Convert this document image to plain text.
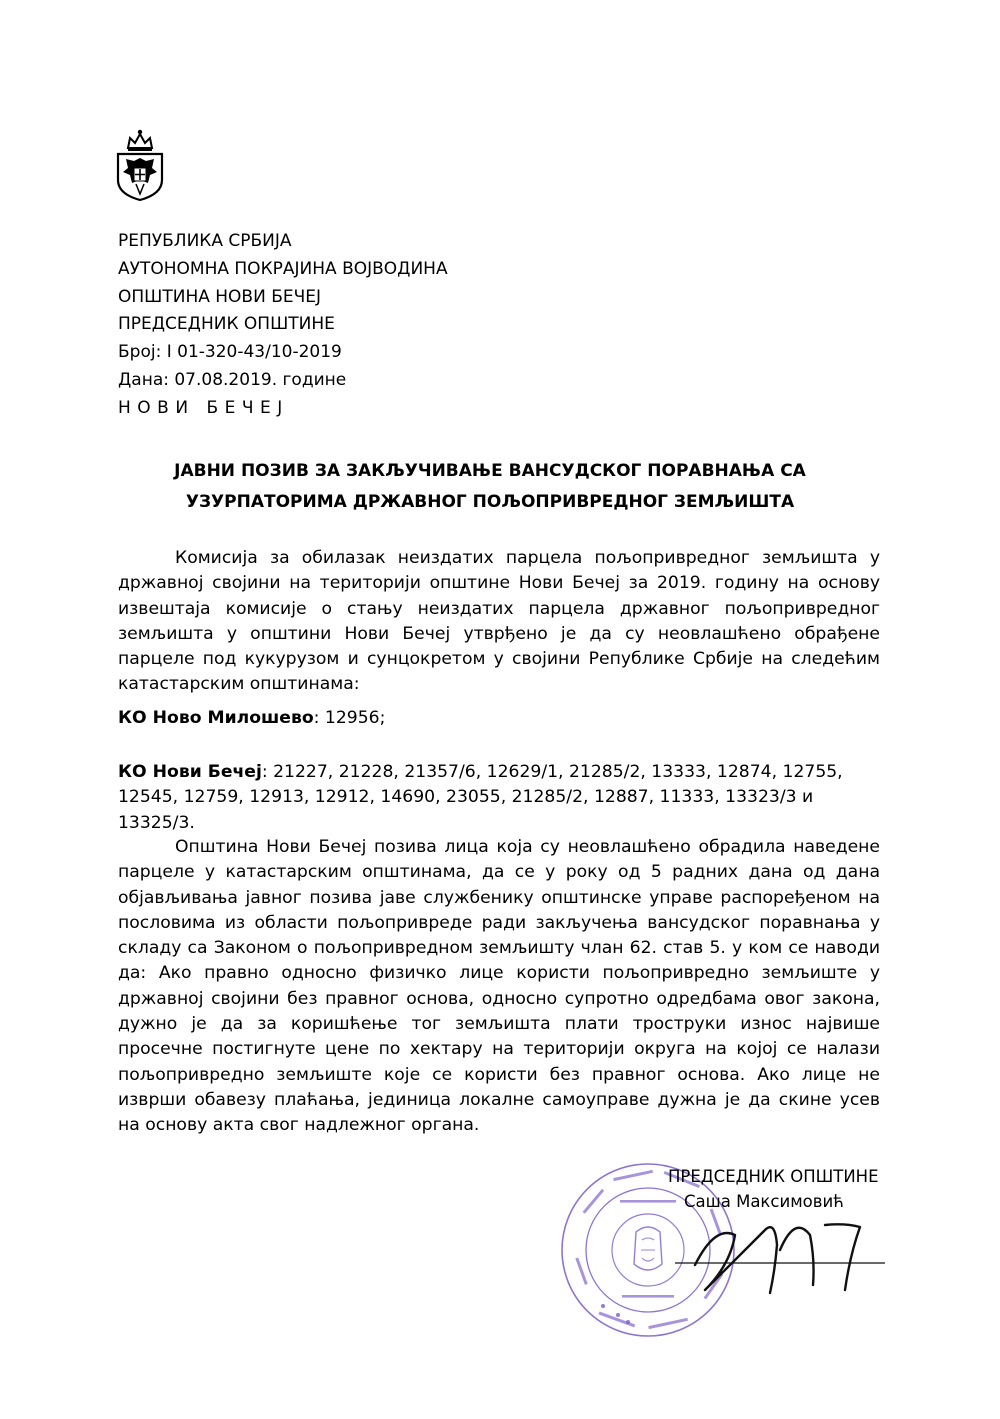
РЕПУБЛИКА СРБИЈА
АУТОНОМНА ПОКРАЈИНА ВОЈВОДИНА
ОПШТИНА НОВИ БЕЧЕЈ
ПРЕДСЕДНИК ОПШТИНЕ
Број: I 01-320-43/10-2019
Дана: 07.08.2019. године
НОВИ БЕЧЕЈ
ЈАВНИ ПОЗИВ ЗА ЗАКЉУЧИВАЊЕ ВАНСУДСКОГ ПОРАВНАЊА СА
УЗУРПАТОРИМА ДРЖАВНОГ ПОЉОПРИВРЕДНОГ ЗЕМЉИШТА
Комисија за обилазак неиздатих парцела пољопривредног земљишта у државној својини на територији општине Нови Бечеј за 2019. годину на основу извештаја комисије о стању неиздатих парцела државног пољопривредног земљишта у општини Нови Бечеј утврђено је да су неовлашћено обрађене парцеле под кукурузом и сунцокретом у својини Републике Србије на следећим катастарским општинама:
КО Ново Милошево: 12956;
КО Нови Бечеј: 21227, 21228, 21357/6, 12629/1, 21285/2, 13333, 12874, 12755, 12545, 12759, 12913, 12912, 14690, 23055, 21285/2, 12887, 11333, 13323/3 и 13325/3.
Општина Нови Бечеј позива лица која су неовлашћено обрадила наведене парцеле у катастарским општинама, да се у року од 5 радних дана од дана објављивања јавног позива јаве службенику општинске управе распоређеном на пословима из области пољопривреде ради закључења вансудског поравнања у складу са Законом о пољопривредном земљишту члан 62. став 5. у ком се наводи да: Ако правно односно физичко лице користи пољопривредно земљиште у државној својини без правног основа, односно супротно одредбама овог закона, дужно је да за коришћење тог земљишта плати троструки износ највише просечне постигнуте цене по хектару на територији округа на којој се налази пољопривредно земљиште које се користи без правног основа. Ако лице не изврши обавезу плаћања, јединица локалне самоуправе дужна је да скине усев на основу акта свог надлежног органа.
ПРЕДСЕДНИК ОПШТИНЕ
Саша Максимовић
